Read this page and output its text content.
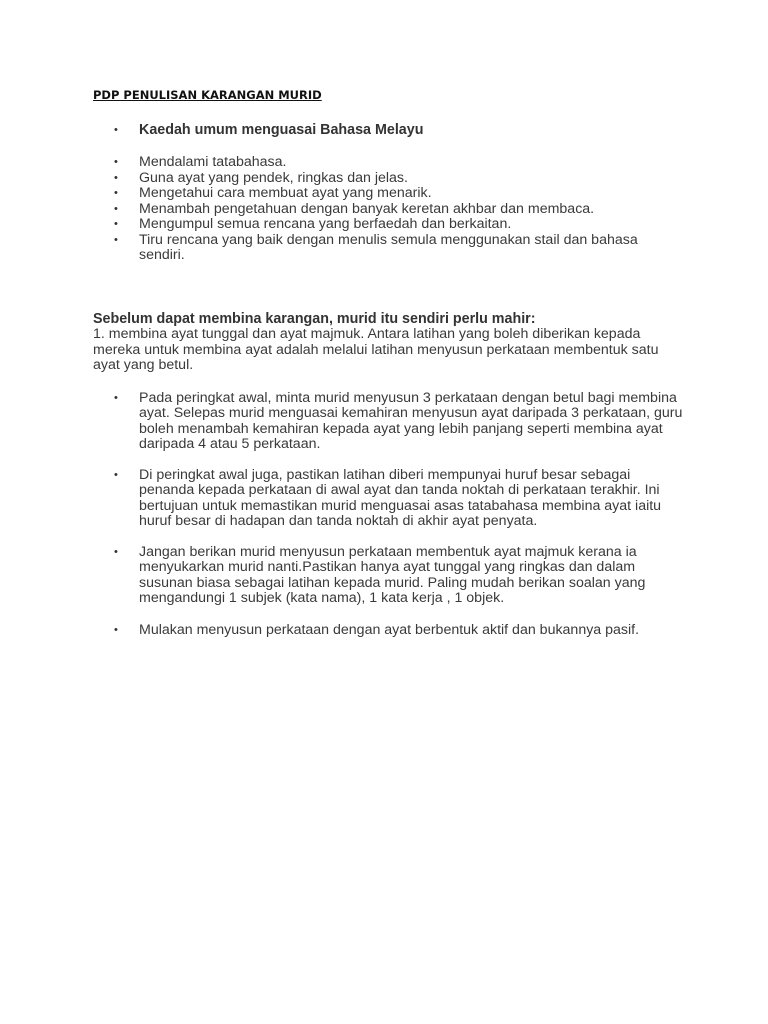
PDP PENULISAN KARANGAN MURID
•	Kaedah umum menguasai Bahasa Melayu
•	Mendalami tatabahasa.
•	Guna ayat yang pendek, ringkas dan jelas.
•	Mengetahui cara membuat ayat yang menarik.
•	Menambah pengetahuan dengan banyak keretan akhbar dan membaca.
•	Mengumpul semua rencana yang berfaedah dan berkaitan.
•	Tiru rencana yang baik dengan menulis semula menggunakan stail dan bahasa sendiri.
Sebelum dapat membina karangan, murid itu sendiri perlu mahir:
1. membina ayat tunggal dan ayat majmuk. Antara latihan yang boleh diberikan kepada mereka untuk membina ayat adalah melalui latihan menyusun perkataan membentuk satu ayat yang betul.
•	Pada peringkat awal, minta murid menyusun 3 perkataan dengan betul bagi membina ayat. Selepas murid menguasai kemahiran menyusun ayat daripada 3 perkataan, guru boleh menambah kemahiran kepada ayat yang lebih panjang seperti membina ayat daripada 4 atau 5 perkataan.
•	Di peringkat awal juga, pastikan latihan diberi mempunyai huruf besar sebagai penanda kepada perkataan di awal ayat dan tanda noktah di perkataan terakhir. Ini bertujuan untuk memastikan murid menguasai asas tatabahasa membina ayat iaitu huruf besar di hadapan dan tanda noktah di akhir ayat penyata.
•	Jangan berikan murid menyusun perkataan membentuk ayat majmuk kerana ia menyukarkan murid nanti.Pastikan hanya ayat tunggal yang ringkas dan dalam susunan biasa sebagai latihan kepada murid. Paling mudah berikan soalan yang mengandungi 1 subjek (kata nama), 1 kata kerja , 1 objek.
•	Mulakan menyusun perkataan dengan ayat berbentuk aktif dan bukannya pasif.
